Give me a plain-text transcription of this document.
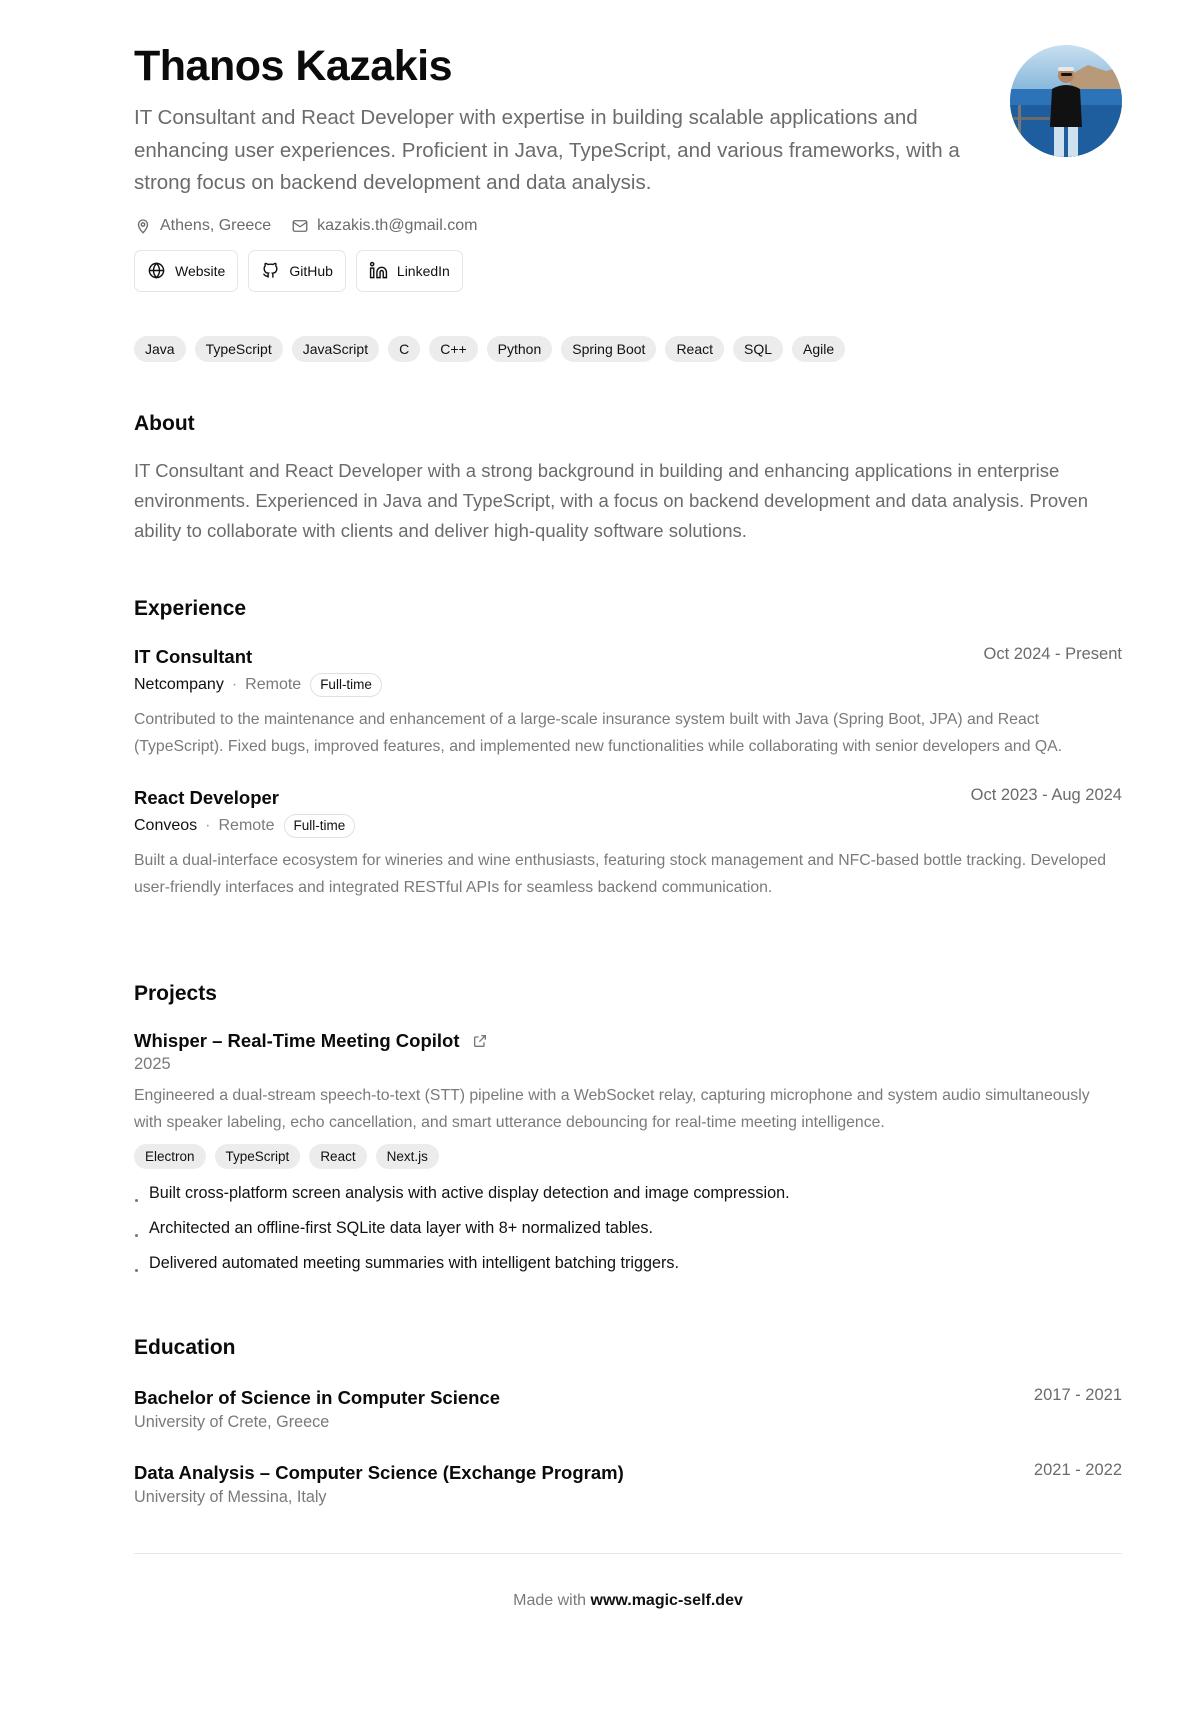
Thanos Kazakis

IT Consultant and React Developer with expertise in building scalable applications and enhancing user experiences. Proficient in Java, TypeScript, and various frameworks, with a strong focus on backend development and data analysis.

Athens, Greece	kazakis.th@gmail.com
Website	GitHub	LinkedIn
Java	TypeScript	JavaScript	C	C++	Python	Spring Boot	React	SQL	Agile
About

IT Consultant and React Developer with a strong background in building and enhancing applications in enterprise environments. Experienced in Java and TypeScript, with a focus on backend development and data analysis. Proven ability to collaborate with clients and deliver high-quality software solutions.

Experience
IT Consultant	Oct 2024 - Present
Netcompany · Remote	Full-time

Contributed to the maintenance and enhancement of a large-scale insurance system built with Java (Spring Boot, JPA) and React (TypeScript). Fixed bugs, improved features, and implemented new functionalities while collaborating with senior developers and QA.

React Developer	Oct 2023 - Aug 2024
Conveos · Remote	Full-time

Built a dual-interface ecosystem for wineries and wine enthusiasts, featuring stock management and NFC-based bottle tracking. Developed user-friendly interfaces and integrated RESTful APIs for seamless backend communication.

Projects
Whisper – Real-Time Meeting Copilot
2025

Engineered a dual-stream speech-to-text (STT) pipeline with a WebSocket relay, capturing microphone and system audio simultaneously with speaker labeling, echo cancellation, and smart utterance debouncing for real-time meeting intelligence.

Electron	TypeScript	React	Next.js
Built cross-platform screen analysis with active display detection and image compression.
Architected an offline-first SQLite data layer with 8+ normalized tables.
Delivered automated meeting summaries with intelligent batching triggers.
Education
Bachelor of Science in Computer Science	2017 - 2021
University of Crete, Greece
Data Analysis – Computer Science (Exchange Program)	2021 - 2022
University of Messina, Italy
Made with www.magic-self.dev
